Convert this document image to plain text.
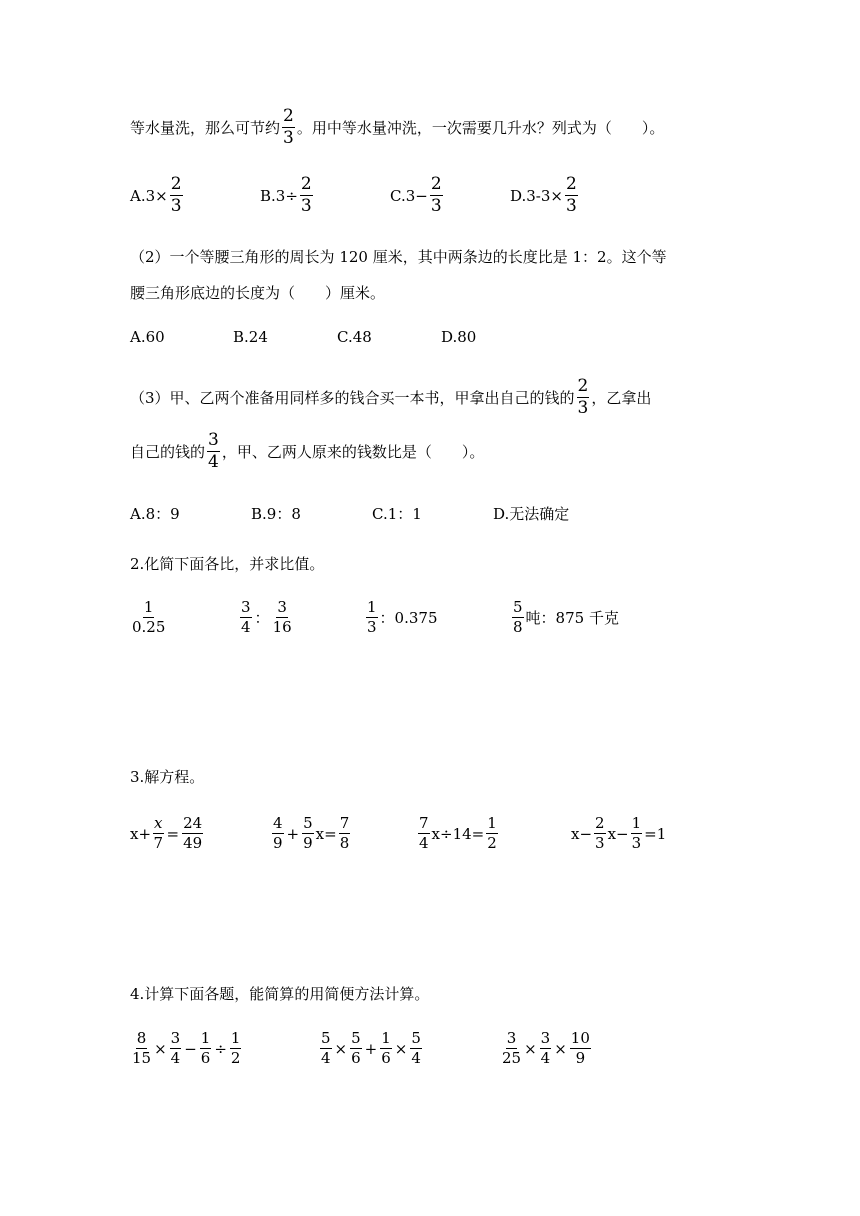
等水量洗，那么可节约 $\frac{2}{3}$ 。用中等水量冲洗，一次需要几升水？列式为（　　）。
$A.3\times \frac{2}{3}$	$B.3\div \frac{2}{3}$	$C.3- \frac{2}{3}$	$D.3-3\times \frac{2}{3}$
（2）一个等腰三角形的周长为 120 厘米，其中两条边的长度比是 1：2。这个等
腰三角形底边的长度为（　　）厘米。
A.60	B.24	C.48	D.80
（3）甲、乙两个准备用同样多的钱合买一本书，甲拿出自己的钱的 $\frac{2}{3}$ ，乙拿出
自己的钱的 $\frac{3}{4}$ ，甲、乙两人原来的钱数比是（　　）。
A.8：9	B.9：8	C.1：1	D.无法确定
2.化简下面各比，并求比值。
$\frac{1}{0.25}$	$\frac{3}{4}$ ： $\frac{3}{16}$	$\frac{1}{3}$ ：0.375	$\frac{5}{8}$ 吨：875 千克
3.解方程。
$x+ \frac{x}{7} = \frac{24}{49}$	$\frac{4}{9} + \frac{5}{9} x= \frac{7}{8}$	$\frac{7}{4} x\div 14= \frac{1}{2}$	$x- \frac{2}{3} x- \frac{1}{3} =1$
4.计算下面各题，能简算的用简便方法计算。
$\frac{8}{15} \times \frac{3}{4} - \frac{1}{6} \div \frac{1}{2}$	$\frac{5}{4} \times \frac{5}{6} + \frac{1}{6} \times \frac{5}{4}$	$\frac{3}{25} \times \frac{3}{4} \times \frac{10}{9}$
